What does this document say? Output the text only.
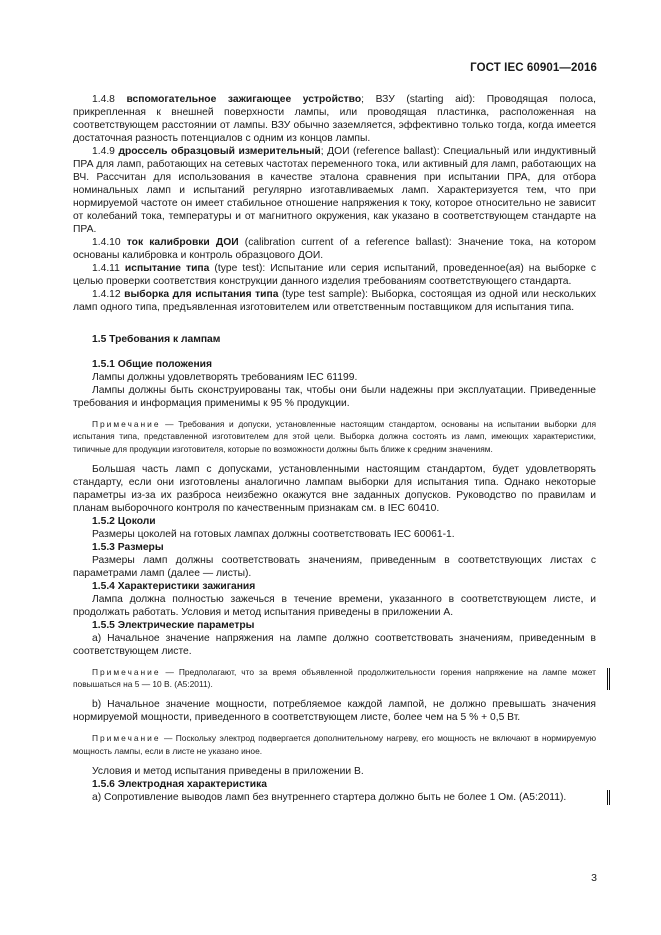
ГОСТ IEC 60901—2016

1.4.8 вспомогательное зажигающее устройство; ВЗУ (starting aid): Проводящая полоса, прикрепленная к внешней поверхности лампы, или проводящая пластинка, расположенная на соответствующем расстоянии от лампы. ВЗУ обычно заземляется, эффективно только тогда, когда имеется достаточная разность потенциалов с одним из концов лампы.

1.4.9 дроссель образцовый измерительный; ДОИ (reference ballast): Специальный или индуктивный ПРА для ламп, работающих на сетевых частотах переменного тока, или активный для ламп, работающих на ВЧ. Рассчитан для использования в качестве эталона сравнения при испытании ПРА, для отбора номинальных ламп и испытаний регулярно изготавливаемых ламп. Характеризуется тем, что при нормируемой частоте он имеет стабильное отношение напряжения к току, которое относительно не зависит от колебаний тока, температуры и от магнитного окружения, как указано в соответствующем стандарте на ПРА.

1.4.10 ток калибровки ДОИ (calibration current of a reference ballast): Значение тока, на котором основаны калибровка и контроль образцового ДОИ.

1.4.11 испытание типа (type test): Испытание или серия испытаний, проведенное(ая) на выборке с целью проверки соответствия конструкции данного изделия требованиям соответствующего стандарта.

1.4.12 выборка для испытания типа (type test sample): Выборка, состоящая из одной или нескольких ламп одного типа, предъявленная изготовителем или ответственным поставщиком для испытания типа.

1.5 Требования к лампам
1.5.1 Общие положения

Лампы должны удовлетворять требованиям IEC 61199.

Лампы должны быть сконструированы так, чтобы они были надежны при эксплуатации. Приведенные требования и информация применимы к 95 % продукции.

Примечание — Требования и допуски, установленные настоящим стандартом, основаны на испытании выборки для испытания типа, представленной изготовителем для этой цели. Выборка должна состоять из ламп, имеющих характеристики, типичные для продукции изготовителя, которые по возможности должны быть ближе к средним значениям.

Большая часть ламп с допусками, установленными настоящим стандартом, будет удовлетворять стандарту, если они изготовлены аналогично лампам выборки для испытания типа. Однако некоторые параметры из-за их разброса неизбежно окажутся вне заданных допусков. Руководство по правилам и планам выборочного контроля по качественным признакам см. в IEC 60410.

1.5.2 Цоколи

Размеры цоколей на готовых лампах должны соответствовать IEC 60061-1.

1.5.3 Размеры

Размеры ламп должны соответствовать значениям, приведенным в соответствующих листах с параметрами ламп (далее — листы).

1.5.4 Характеристики зажигания

Лампа должна полностью зажечься в течение времени, указанного в соответствующем листе, и продолжать работать. Условия и метод испытания приведены в приложении А.

1.5.5 Электрические параметры

a) Начальное значение напряжения на лампе должно соответствовать значениям, приведенным в соответствующем листе.

Примечание — Предполагают, что за время объявленной продолжительности горения напряжение на лампе может повышаться на 5 — 10 В. (A5:2011).

b) Начальное значение мощности, потребляемое каждой лампой, не должно превышать значения нормируемой мощности, приведенного в соответствующем листе, более чем на 5 % + 0,5 Вт.

Примечание — Поскольку электрод подвергается дополнительному нагреву, его мощность не включают в нормируемую мощность лампы, если в листе не указано иное.

Условия и метод испытания приведены в приложении В.

1.5.6 Электродная характеристика

a) Сопротивление выводов ламп без внутреннего стартера должно быть не более 1 Ом. (A5:2011).

3
